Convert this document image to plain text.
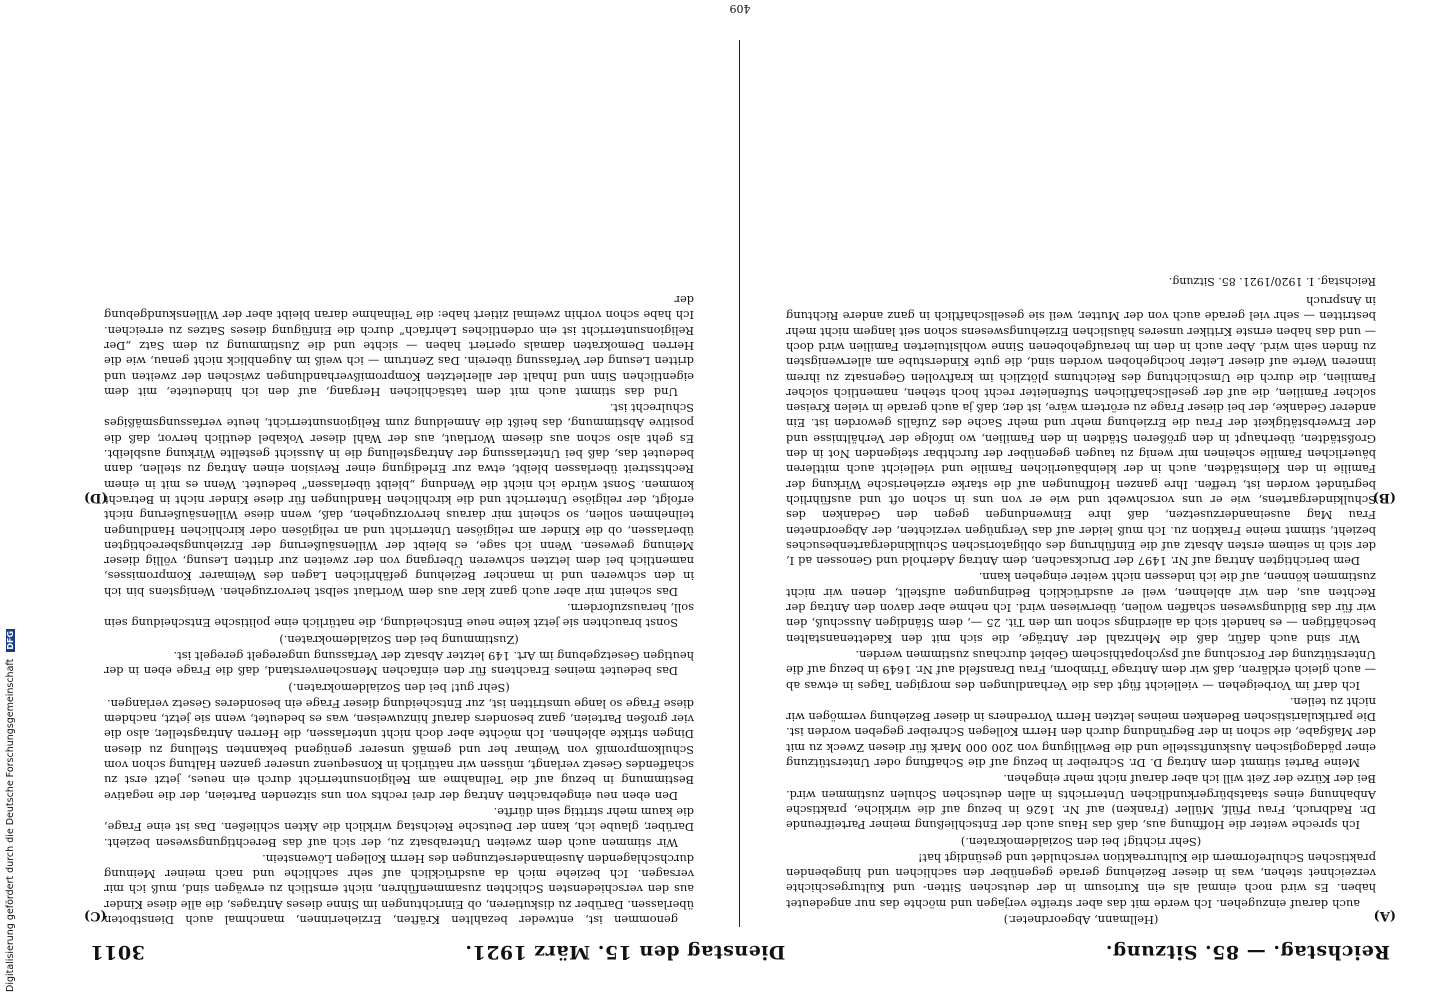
Reichstag. — 85. Sitzung.
Dienstag den 15. März 1921.
3011
(A)
(B)
(C)
(D)

(Hellmann, Abgeordneter.)

auch darauf einzugehen. Ich werde mit das aber streifte verjagen und möchte das nur angedeutet haben. Es wird noch einmal als ein Kuriosum in der deutschen Sitten- und Kulturgeschichte verzeichnet stehen, was in dieser Beziehung gerade gegenüber den sachlichen und hingebenden praktischen Schulreformern die Kulturreaktion verschuldet und gesündigt hat!

(Sehr richtig! bei den Sozialdemokraten.)

Ich spreche weiter die Hoffnung aus, daß das Haus auch der Entschließung meiner Parteifreunde Dr. Radbruch, Frau Pfülf, Müller (Franken) auf Nr. 1626 in bezug auf die wirkliche, praktische Anbahnung eines staatsbürgerkundlichen Unterrichts in allen deutschen Schulen zustimmen wird. Bei der Kürze der Zeit will ich aber darauf nicht mehr eingehen.

Meine Partei stimmt dem Antrag D. Dr. Schreiber in bezug auf die Schaffung oder Unterstützung einer pädagogischen Auskunftsstelle und die Bewilligung von 200 000 Mark für diesen Zweck zu mit der Maßgabe, die schon in der Begründung durch den Herrn Kollegen Schreiber gegeben worden ist. Die partikularistischen Bedenken meines letzten Herrn Vorredners in dieser Beziehung vermögen wir nicht zu teilen.

Ich darf im Vorbeigehen — vielleicht fügt das die Verhandlungen des morgigen Tages in etwas ab — auch gleich erklären, daß wir dem Antrage Trimborn, Frau Dransfeld auf Nr. 1649 in bezug auf die Unterstützung der Forschung auf psychopathischem Gebiet durchaus zustimmen werden.

Wir sind auch dafür, daß die Mehrzahl der Anträge, die sich mit den Kadettenanstalten beschäftigen — es handelt sich da allerdings schon um den Tit. 25 —, dem Ständigen Ausschuß, den wir für das Bildungswesen schaffen wollen, überwiesen wird. Ich nehme aber davon den Antrag der Rechten aus, den wir ablehnen, weil er ausdrücklich Bedingungen aufstellt, denen wir nicht zustimmen können, auf die ich indessen nicht weiter eingehen kann.

Dem berichtigten Antrag auf Nr. 1497 der Drucksachen, dem Antrag Aderhold und Genossen ad I, der sich in seinem ersten Absatz auf die Einführung des obligatorischen Schulkindergartenbesuches bezieht, stimmt meine Fraktion zu. Ich muß leider auf das Vergnügen verzichten, der Abgeordneten Frau Mag auseinanderzusetzen, daß ihre Einwendungen gegen den Gedanken des Schulkindergartens, wie er uns vorschwebt und wie er von uns in schon oft und ausführlich begründet worden ist, treffen. Ihre ganzen Hoffnungen auf die starke erzieherische Wirkung der Familie in den Kleinstädten, auch in der kleinbäuerlichen Familie und vielleicht auch mittleren bäuerlichen Familie scheinen mir wenig zu taugen gegenüber der furchtbar steigenden Not in den Großstädten, überhaupt in den größeren Städten in den Familien, wo infolge der Verhältnisse und der Erwerbstätigkeit der Frau die Erziehung mehr und mehr Sache des Zufalls geworden ist. Ein anderer Gedanke, der bei dieser Frage zu erörtern wäre, ist der, daß ja auch gerade in vielen Kreisen solcher Familien, die auf der gesellschaftlichen Stufenleiter recht hoch stehen, namentlich solcher Familien, die durch die Umschichtung des Reichtums plötzlich im kraftvollen Gegensatz zu ihrem inneren Werte auf dieser Leiter hochgehoben worden sind, die gute Kinderstube am allerwenigsten zu finden sein wird. Aber auch in den im heraufgehobenen Sinne wohlsituierten Familien wird doch — und das haben ernste Kritiker unseres häuslichen Erziehungswesens schon seit langem nicht mehr bestritten — sehr viel gerade auch von der Mutter, weil sie gesellschaftlich in ganz andere Richtung in Anspruch

Reichstag. I. 1920/1921. 85. Sitzung.

genommen ist, entweder bezahlten Kräften, Erzieherinnen, manchmal auch Dienstboten überlassen. Darüber zu diskutieren, ob Einrichtungen im Sinne dieses Antrages, die alle diese Kinder aus den verschiedensten Schichten zusammenführen, nicht ernstlich zu erwägen sind, muß ich mir versagen. Ich beziehe mich da ausdrücklich auf sehr sachliche und nach meiner Meinung durchschlagenden Auseinandersetzungen des Herrn Kollegen Löwenstein.

Wir stimmen auch dem zweiten Unterabsatz zu, der sich auf das Berechtigungswesen bezieht. Darüber, glaube ich, kann der Deutsche Reichstag wirklich die Akten schließen. Das ist eine Frage, die kaum mehr strittig sein dürfte.

Den eben neu eingebrachten Antrag der drei rechts von uns sitzenden Parteien, der die negative Bestimmung in bezug auf die Teilnahme am Religionsunterricht durch ein neues, jetzt erst zu schaffendes Gesetz verlangt, müssen wir natürlich in Konsequenz unserer ganzen Haltung schon vom Schulkompromiß von Weimar her und gemäß unserer genügend bekannten Stellung zu diesen Dingen strikte ablehnen. Ich möchte aber doch nicht unterlassen, die Herren Antragsteller, also die vier großen Parteien, ganz besonders darauf hinzuweisen, was es bedeutet, wenn sie jetzt, nachdem diese Frage so lange umstritten ist, zur Entscheidung dieser Frage ein besonderes Gesetz verlangen.

(Sehr gut! bei den Sozialdemokraten.)

Das bedeutet meines Erachtens für den einfachen Menschenverstand, daß die Frage eben in der heutigen Gesetzgebung im Art. 149 letzter Absatz der Verfassung ungeregelt geregelt ist.

(Zustimmung bei den Sozialdemokraten.)

Sonst brauchten sie jetzt keine neue Entscheidung, die natürlich eine politische Entscheidung sein soll, herauszufordern.

Das scheint mir aber auch ganz klar aus dem Wortlaut selbst hervorzugehen. Wenigstens bin ich in den schweren und in mancher Beziehung gefährlichen Lagen des Weimarer Kompromisses, namentlich bei dem letzten schweren Übergang von der zweiten zur dritten Lesung, völlig dieser Meinung gewesen. Wenn ich sage, es bleibt der Willensäußerung der Erziehungsberechtigten überlassen, ob die Kinder am religiösen Unterricht und an religiösen oder kirchlichen Handlungen teilnehmen sollen, so scheint mir daraus hervorzugehen, daß, wenn diese Willensäußerung nicht erfolgt, der religiöse Unterricht und die kirchlichen Handlungen für diese Kinder nicht in Betracht kommen. Sonst würde ich nicht die Wendung „bleibt überlassen“ bedeutet. Wenn es mit in einem Rechtsstreit überlassen bleibt, etwa zur Erledigung einer Revision einen Antrag zu stellen, dann bedeutet das, daß bei Unterlassung der Antragstellung die in Aussicht gestellte Wirkung ausbleibt. Es geht also schon aus diesem Wortlaut, aus der Wahl dieser Vokabel deutlich hervor, daß die positive Abstimmung, das heißt die Anmeldung zum Religionsunterricht, heute verfassungsmäßiges Schulrecht ist.

Und das stimmt auch mit dem tatsächlichen Hergang, auf den ich hindeutete, mit dem eigentlichen Sinn und Inhalt der allerletzten Kompromißverhandlungen zwischen der zweiten und dritten Lesung der Verfassung überein. Das Zentrum — ich weiß im Augenblick nicht genau, wie die Herren Demokraten damals operiert haben — sichte und die Zustimmung zu dem Satz „Der Religionsunterricht ist ein ordentliches Lehrfach“ durch die Einfügung dieses Satzes zu erreichen. Ich habe schon vorhin zweimal zitiert habe: die Teilnahme daran bleibt aber der Willenskundgebung der

409
Digitalisierung gefördert durch die Deutsche Forschungsgemeinschaft DFG
